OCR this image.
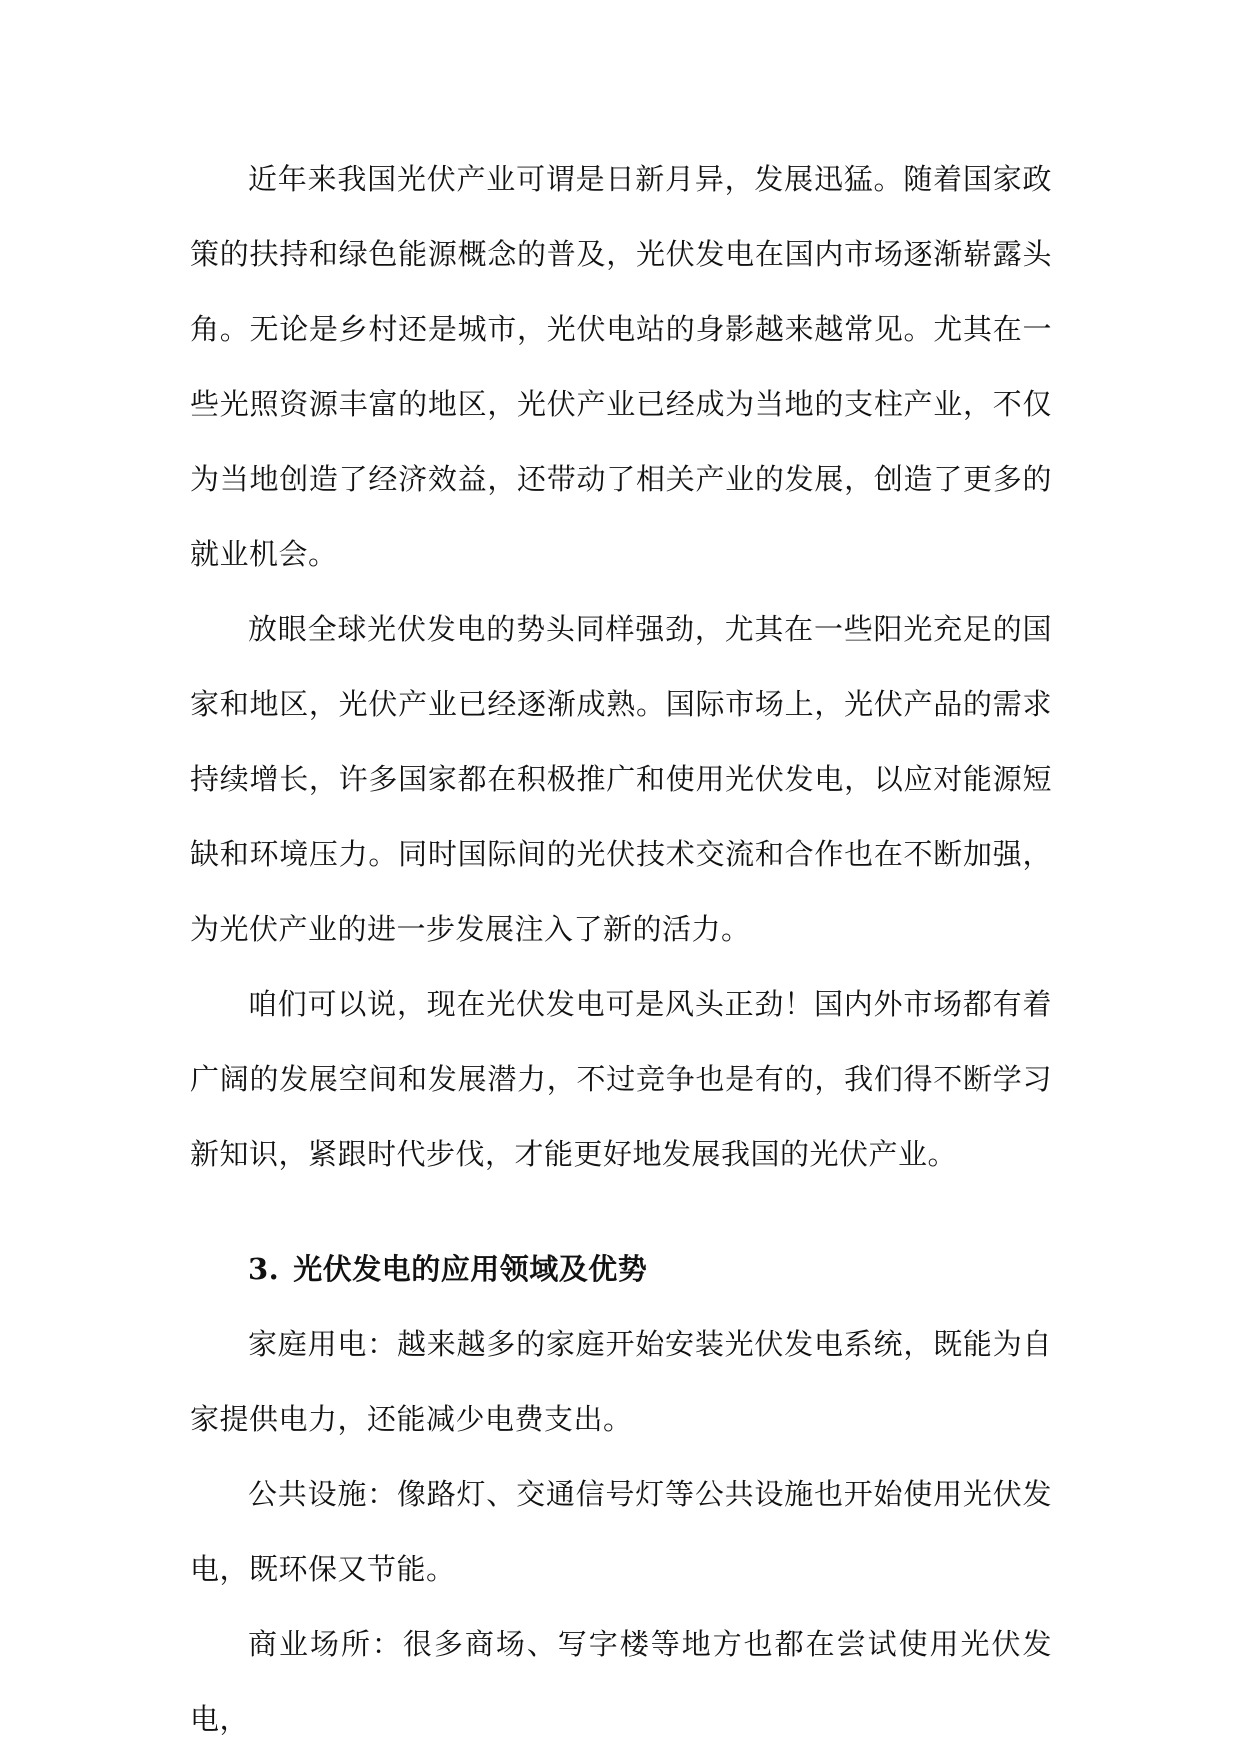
近年来我国光伏产业可谓是日新月异，发展迅猛。随着国家政策的扶持和绿色能源概念的普及，光伏发电在国内市场逐渐崭露头角。无论是乡村还是城市，光伏电站的身影越来越常见。尤其在一些光照资源丰富的地区，光伏产业已经成为当地的支柱产业，不仅为当地创造了经济效益，还带动了相关产业的发展，创造了更多的就业机会。

放眼全球光伏发电的势头同样强劲，尤其在一些阳光充足的国家和地区，光伏产业已经逐渐成熟。国际市场上，光伏产品的需求持续增长，许多国家都在积极推广和使用光伏发电，以应对能源短缺和环境压力。同时国际间的光伏技术交流和合作也在不断加强，为光伏产业的进一步发展注入了新的活力。

咱们可以说，现在光伏发电可是风头正劲！国内外市场都有着广阔的发展空间和发展潜力，不过竞争也是有的，我们得不断学习新知识，紧跟时代步伐，才能更好地发展我国的光伏产业。

3. 光伏发电的应用领域及优势

家庭用电：越来越多的家庭开始安装光伏发电系统，既能为自家提供电力，还能减少电费支出。

公共设施：像路灯、交通信号灯等公共设施也开始使用光伏发电，既环保又节能。

商业场所：很多商场、写字楼等地方也都在尝试使用光伏发电，
